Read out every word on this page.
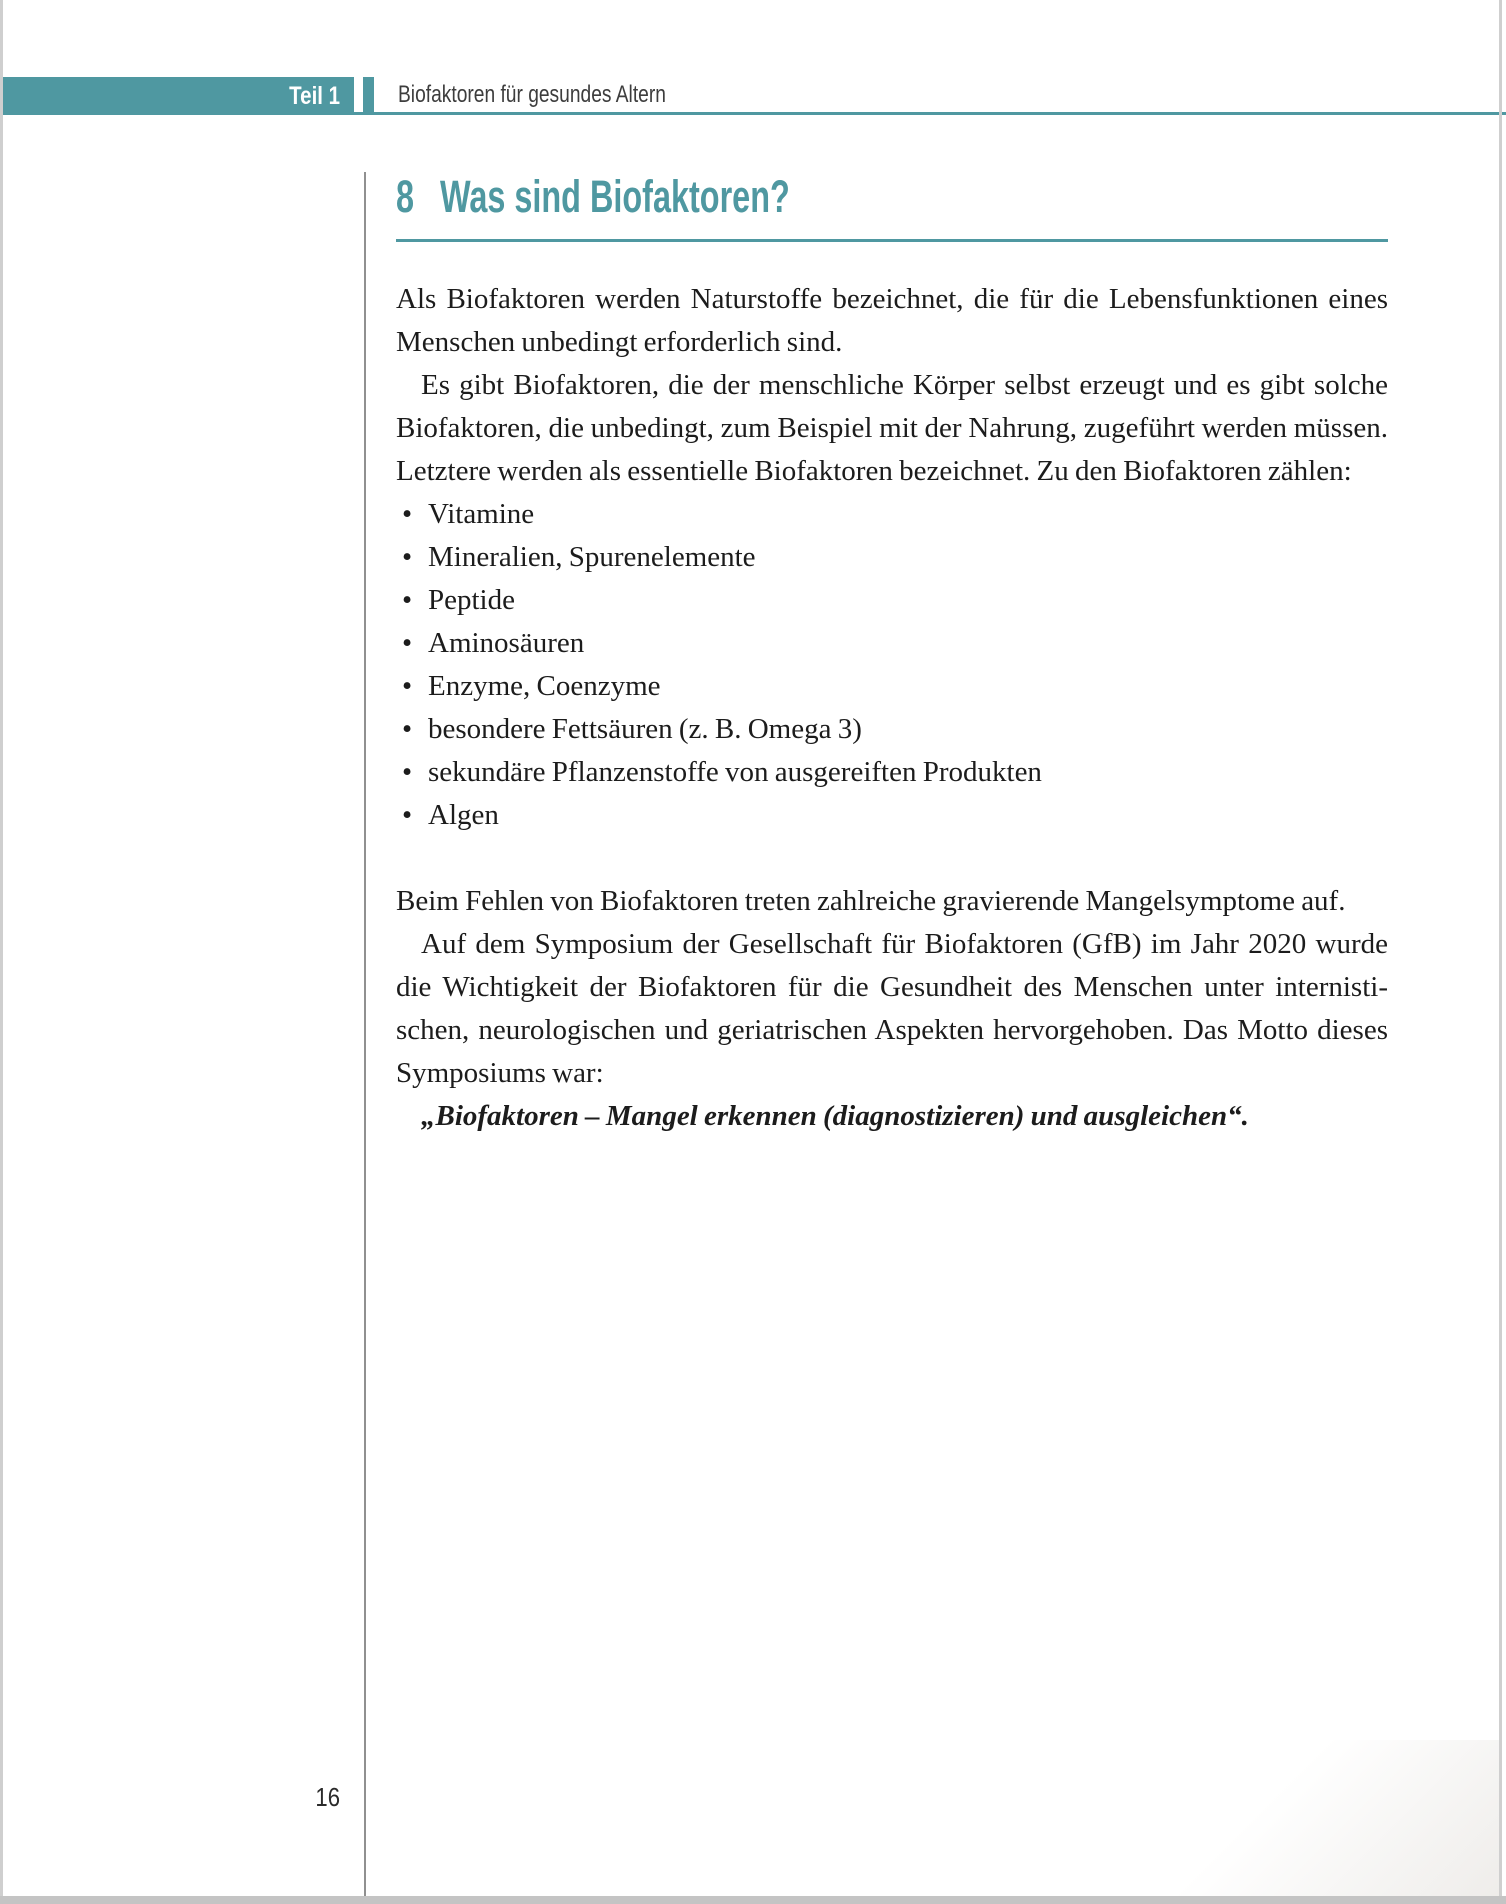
Teil 1 Biofaktoren für gesundes Altern
8 Was sind Biofaktoren?

Als Biofaktoren werden Naturstoffe bezeichnet, die für die Lebensfunktionen eines Menschen unbedingt erforderlich sind.

Es gibt Biofaktoren, die der menschliche Körper selbst erzeugt und es gibt solche Biofaktoren, die unbedingt, zum Beispiel mit der Nahrung, zugeführt werden müssen. Letztere werden als essentielle Biofaktoren bezeichnet. Zu den Biofaktoren zählen:

• Vitamine
• Mineralien, Spurenelemente
• Peptide
• Aminosäuren
• Enzyme, Coenzyme
• besondere Fettsäuren (z. B. Omega 3)
• sekundäre Pflanzenstoffe von ausgereiften Produkten
• Algen

Beim Fehlen von Biofaktoren treten zahlreiche gravierende Mangelsymptome auf.

Auf dem Symposium der Gesellschaft für Biofaktoren (GfB) im Jahr 2020 wurde die Wichtigkeit der Biofaktoren für die Gesundheit des Menschen unter internistischen, neurologischen und geriatrischen Aspekten hervorgehoben. Das Motto dieses Symposiums war:

„Biofaktoren – Mangel erkennen (diagnostizieren) und ausgleichen“.

16
